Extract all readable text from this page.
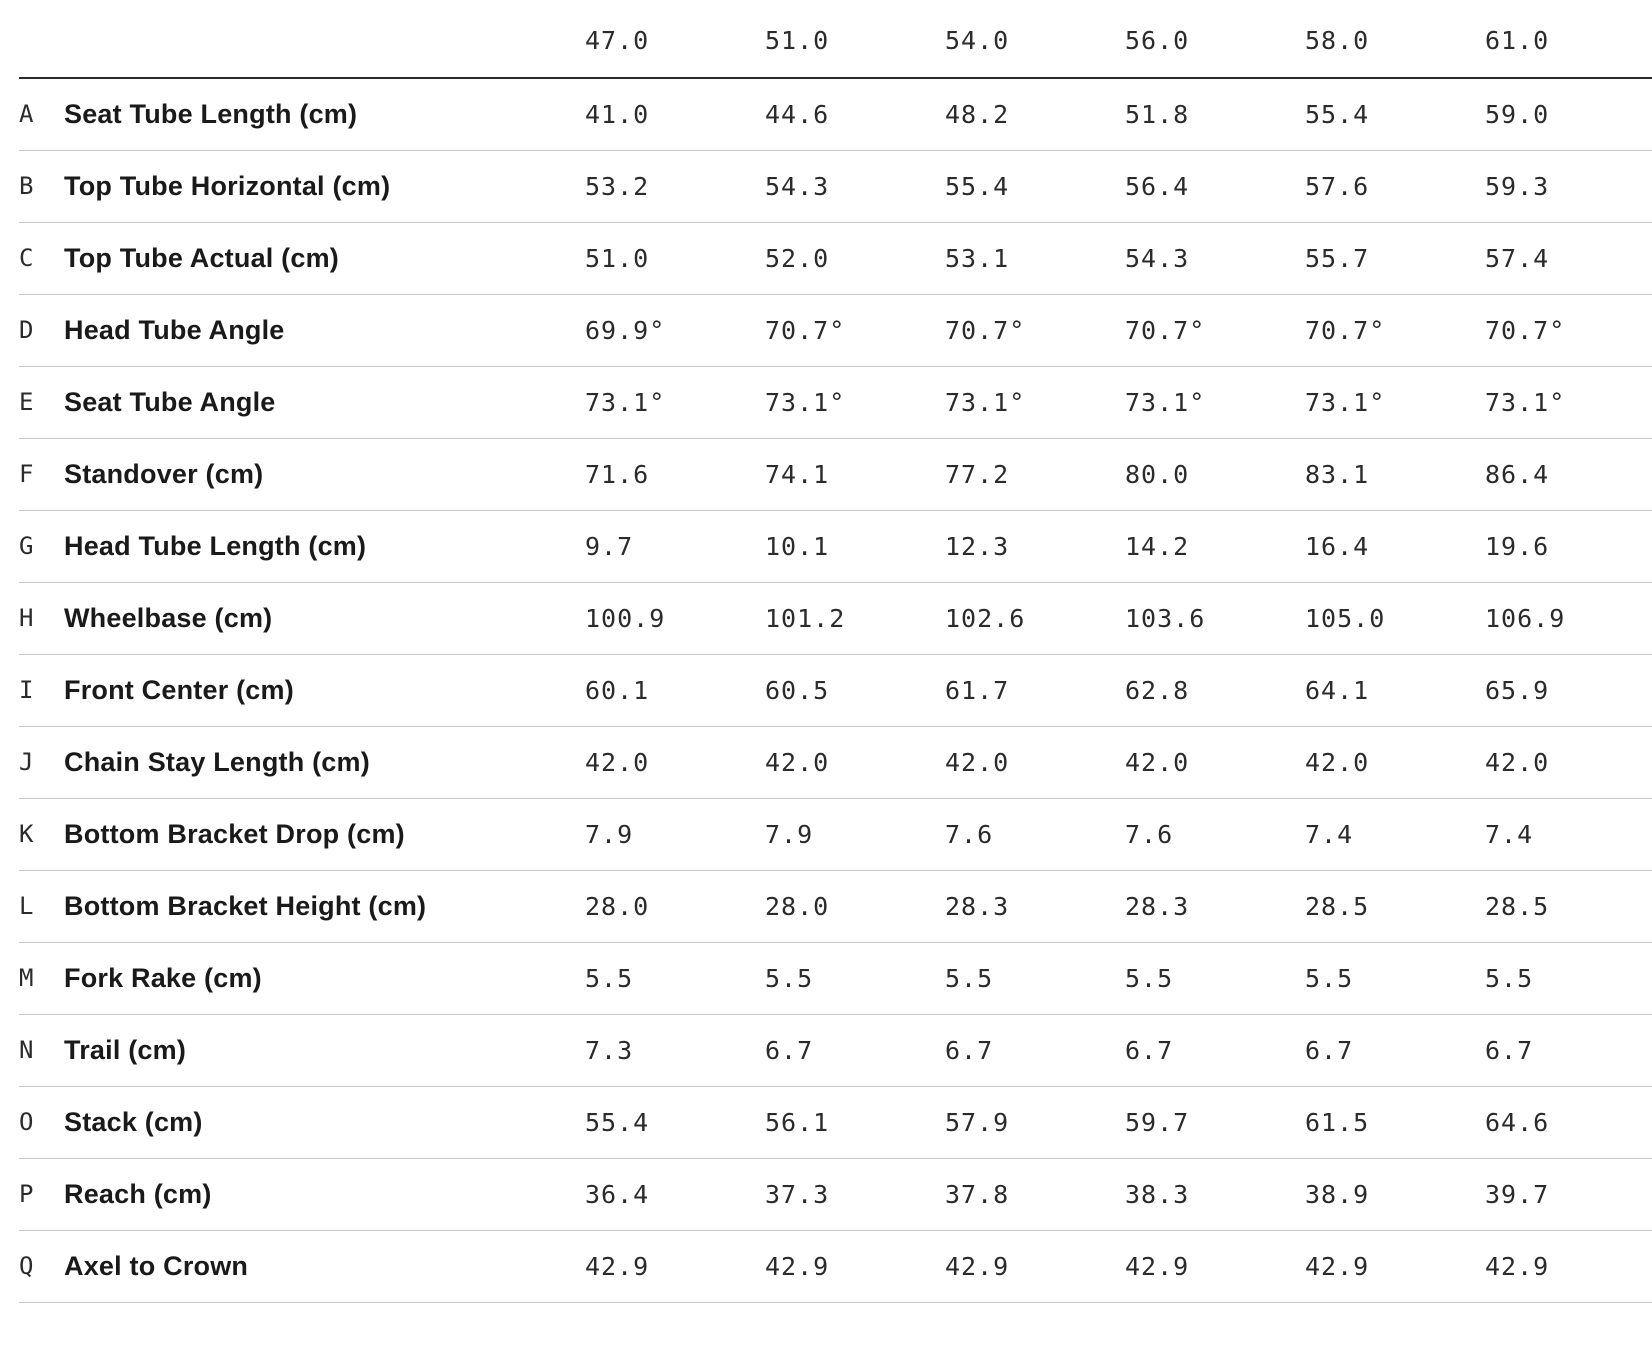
		47.0	51.0	54.0	56.0	58.0	61.0
A	Seat Tube Length (cm)	41.0	44.6	48.2	51.8	55.4	59.0
B	Top Tube Horizontal (cm)	53.2	54.3	55.4	56.4	57.6	59.3
C	Top Tube Actual (cm)	51.0	52.0	53.1	54.3	55.7	57.4
D	Head Tube Angle	69.9°	70.7°	70.7°	70.7°	70.7°	70.7°
E	Seat Tube Angle	73.1°	73.1°	73.1°	73.1°	73.1°	73.1°
F	Standover (cm)	71.6	74.1	77.2	80.0	83.1	86.4
G	Head Tube Length (cm)	9.7	10.1	12.3	14.2	16.4	19.6
H	Wheelbase (cm)	100.9	101.2	102.6	103.6	105.0	106.9
I	Front Center (cm)	60.1	60.5	61.7	62.8	64.1	65.9
J	Chain Stay Length (cm)	42.0	42.0	42.0	42.0	42.0	42.0
K	Bottom Bracket Drop (cm)	7.9	7.9	7.6	7.6	7.4	7.4
L	Bottom Bracket Height (cm)	28.0	28.0	28.3	28.3	28.5	28.5
M	Fork Rake (cm)	5.5	5.5	5.5	5.5	5.5	5.5
N	Trail (cm)	7.3	6.7	6.7	6.7	6.7	6.7
O	Stack (cm)	55.4	56.1	57.9	59.7	61.5	64.6
P	Reach (cm)	36.4	37.3	37.8	38.3	38.9	39.7
Q	Axel to Crown	42.9	42.9	42.9	42.9	42.9	42.9
